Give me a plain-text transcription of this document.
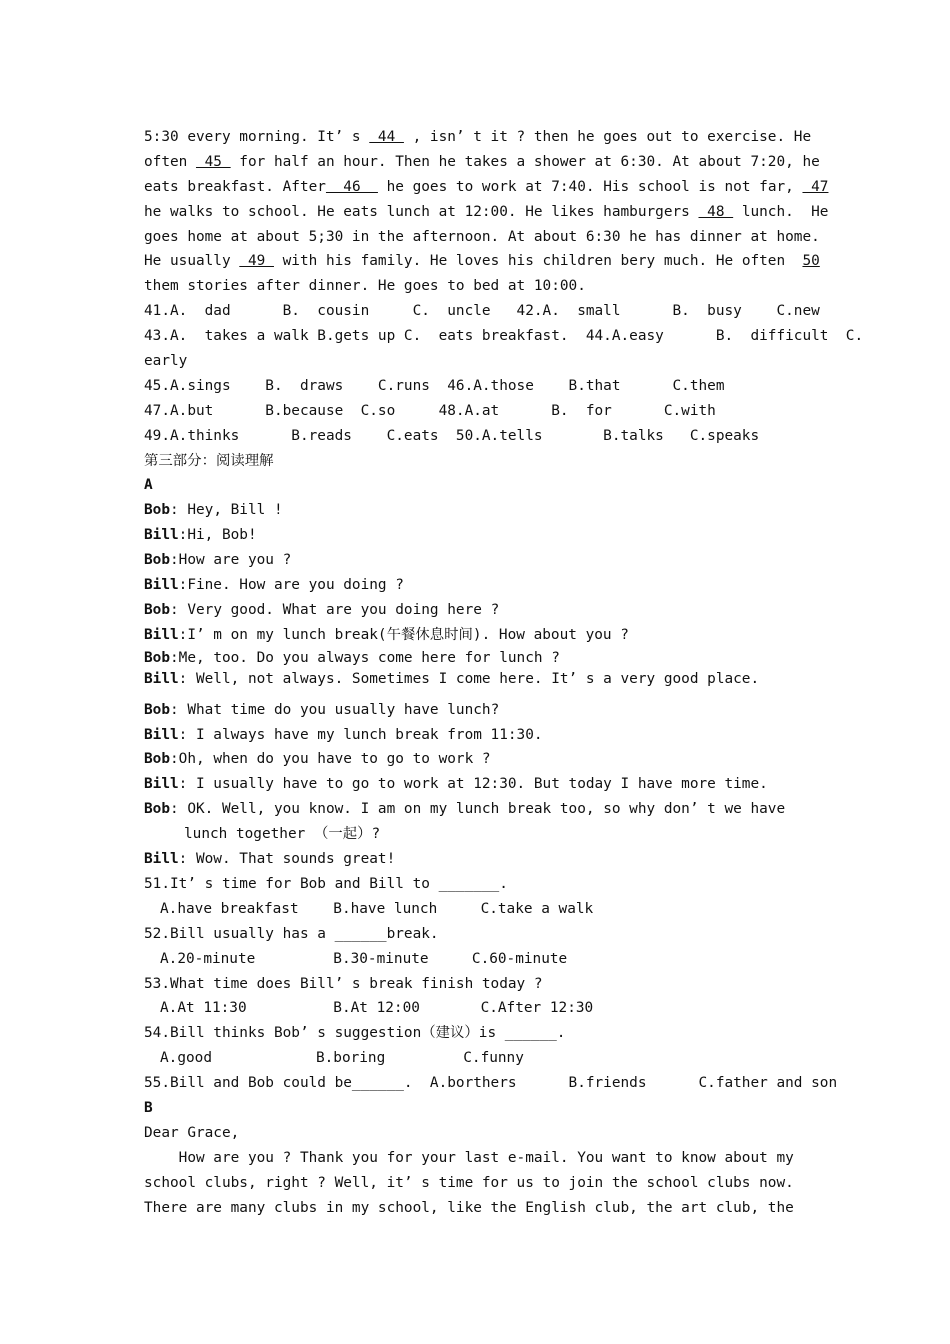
5:30 every morning. It’ s  44  , isn’ t it ? then he goes out to exercise. He
often  45  for half an hour. Then he takes a shower at 6:30. At about 7:20, he
eats breakfast. After  46   he goes to work at 7:40. His school is not far,  47
he walks to school. He eats lunch at 12:00. He likes hamburgers  48  lunch.  He
goes home at about 5;30 in the afternoon. At about 6:30 he has dinner at home.
He usually  49  with his family. He loves his children bery much. He often  50
them stories after dinner. He goes to bed at 10:00.
41.A.  dad      B.  cousin     C.  uncle   42.A.  small      B.  busy    C.new
43.A.  takes a walk B.gets up C.  eats breakfast.  44.A.easy      B.  difficult  C.
early
45.A.sings    B.  draws    C.runs  46.A.those    B.that      C.them
47.A.but      B.because  C.so     48.A.at      B.  for      C.with
49.A.thinks      B.reads    C.eats  50.A.tells       B.talks   C.speaks
第三部分：阅读理解
A
Bob: Hey, Bill !
Bill:Hi, Bob!
Bob:How are you ?
Bill:Fine. How are you doing ?
Bob: Very good. What are you doing here ?
Bill:I’ m on my lunch break(午餐休息时间). How about you ?
Bob:Me, too. Do you always come here for lunch ?
Bill: Well, not always. Sometimes I come here. It’ s a very good place.
Bob: What time do you usually have lunch?
Bill: I always have my lunch break from 11:30.
Bob:Oh, when do you have to go to work ?
Bill: I usually have to go to work at 12:30. But today I have more time.
Bob: OK. Well, you know. I am on my lunch break too, so why don’ t we have
lunch together （一起）?
Bill: Wow. That sounds great!
51.It’ s time for Bob and Bill to _______.
A.have breakfast    B.have lunch     C.take a walk
52.Bill usually has a ______break.
A.20-minute         B.30-minute     C.60-minute
53.What time does Bill’ s break finish today ?
A.At 11:30          B.At 12:00       C.After 12:30
54.Bill thinks Bob’ s suggestion（建议）is ______.
A.good            B.boring         C.funny
55.Bill and Bob could be______.  A.borthers      B.friends      C.father and son
B
Dear Grace,
How are you ? Thank you for your last e-mail. You want to know about my
school clubs, right ? Well, it’ s time for us to join the school clubs now.
There are many clubs in my school, like the English club, the art club, the
